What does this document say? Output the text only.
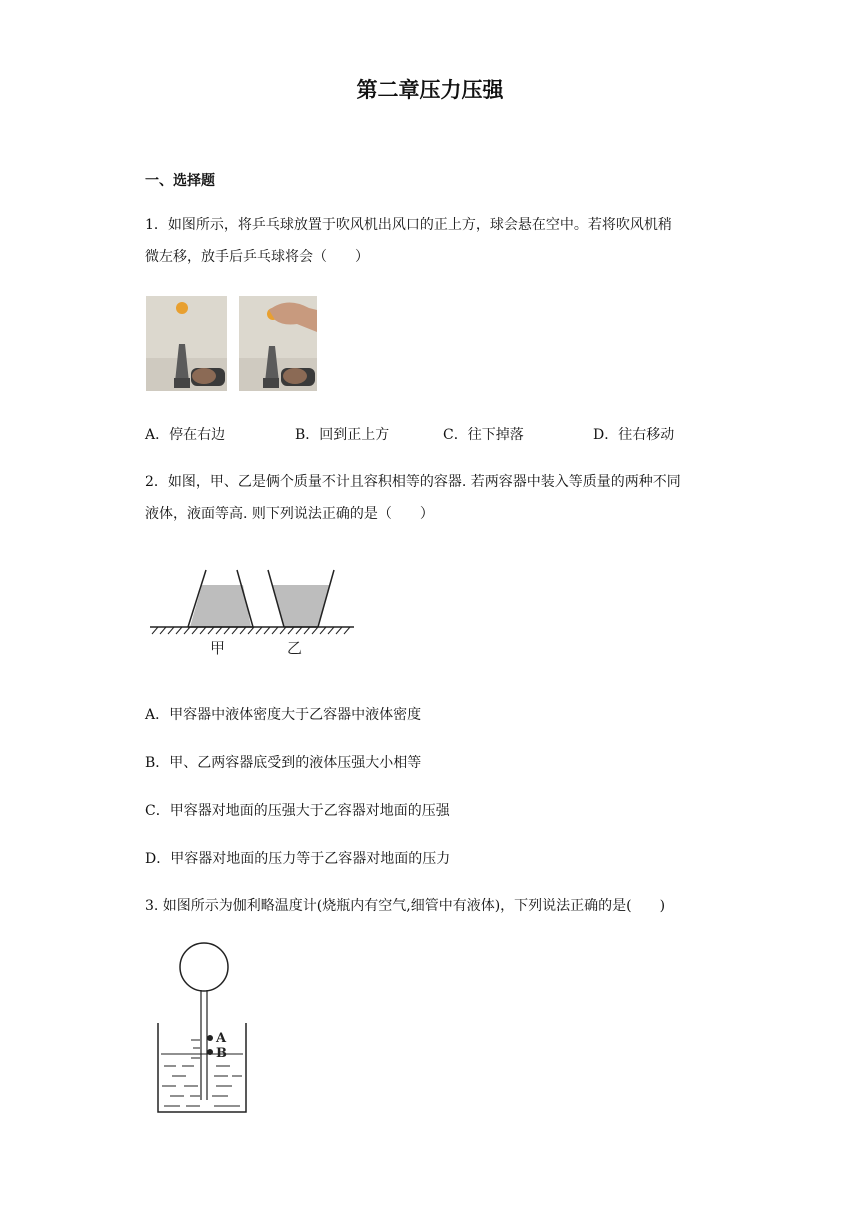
第二章压力压强
一、选择题
1．如图所示，将乒乓球放置于吹风机出风口的正上方，球会悬在空中。若将吹风机稍
微左移，放手后乒乓球将会（　　）
A．停在右边	B．回到正上方	C．往下掉落	D．往右移动
2．如图，甲、乙是俩个质量不计且容积相等的容器. 若两容器中装入等质量的两种不同
液体，液面等高. 则下列说法正确的是（　　）
甲	乙
A．甲容器中液体密度大于乙容器中液体密度
B．甲、乙两容器底受到的液体压强大小相等
C．甲容器对地面的压强大于乙容器对地面的压强
D．甲容器对地面的压力等于乙容器对地面的压力
3. 如图所示为伽利略温度计(烧瓶内有空气,细管中有液体)，下列说法正确的是(　　)
A
B
